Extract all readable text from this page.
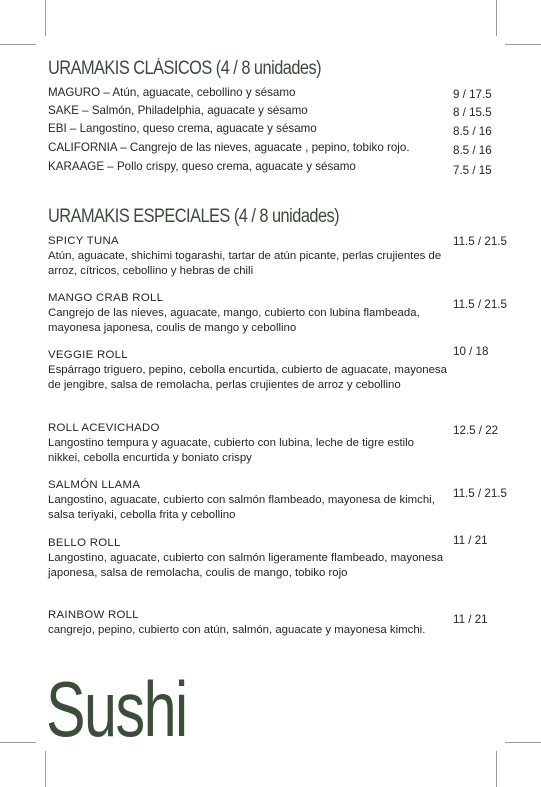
URAMAKIS CLÁSICOS (4 / 8 unidades)
MAGURO – Atún, aguacate, cebollino y sésamo	9 / 17.5
SAKE – Salmón, Philadelphia, aguacate y sésamo	8 / 15.5
EBI – Langostino, queso crema, aguacate y sésamo	8.5 / 16
CALIFORNIA – Cangrejo de las nieves, aguacate , pepino, tobiko rojo.	8.5 / 16
KARAAGE – Pollo crispy, queso crema, aguacate y sésamo	7.5 / 15
URAMAKIS ESPECIALES (4 / 8 unidades)
SPICY TUNA
Atún, aguacate, shichimi togarashi, tartar de atún picante, perlas crujientes de arroz, cítricos, cebollino y hebras de chili
11.5 / 21.5
MANGO CRAB ROLL
Cangrejo de las nieves, aguacate, mango, cubierto con lubina flambeada, mayonesa japonesa, coulis de mango y cebollino
11.5 / 21.5
VEGGIE ROLL
Espárrago triguero, pepino, cebolla encurtida, cubierto de aguacate, mayonesa de jengibre, salsa de remolacha, perlas crujientes de arroz y cebollino
10 / 18
ROLL ACEVICHADO
Langostino tempura y aguacate, cubierto con lubina, leche de tigre estilo nikkei, cebolla encurtida y boniato crispy
12.5 / 22
SALMÓN LLAMA
Langostino, aguacate, cubierto con salmón flambeado, mayonesa de kimchi, salsa teriyaki, cebolla frita y cebollino
11.5 / 21.5
BELLO ROLL
Langostino, aguacate, cubierto con salmón ligeramente flambeado, mayonesa japonesa, salsa de remolacha, coulis de mango, tobiko rojo
11 / 21
RAINBOW ROLL
cangrejo, pepino, cubierto con atún, salmón, aguacate y mayonesa kimchi.
11 / 21
Sushi
